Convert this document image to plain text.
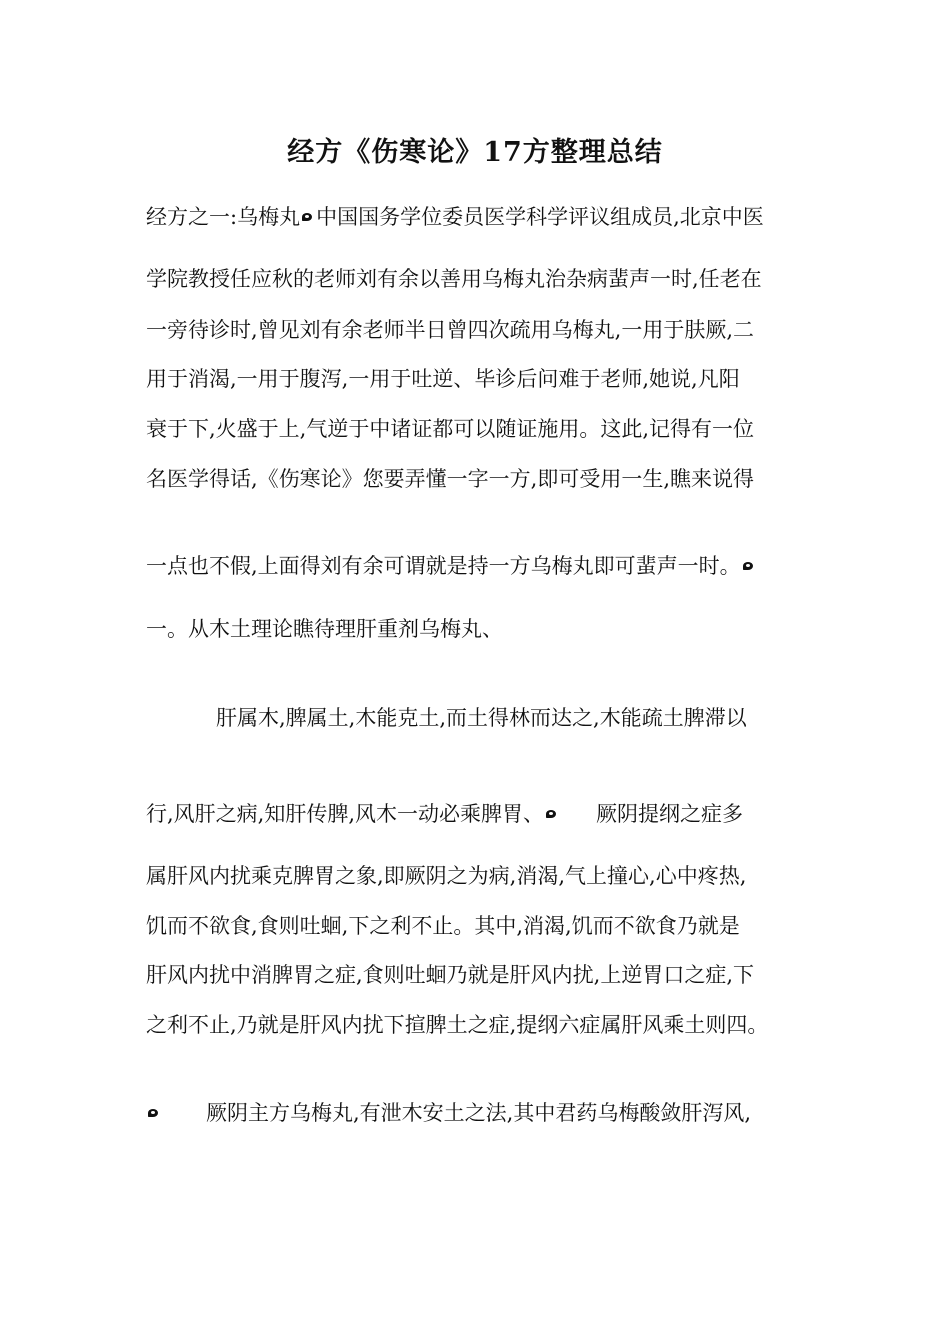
经方《伤寒论》17方整理总结
经方之一:乌梅丸 中国国务学位委员医学科学评议组成员,北京中医
学院教授任应秋的老师刘有余以善用乌梅丸治杂病蜚声一时,任老在
一旁待诊时,曾见刘有余老师半日曾四次疏用乌梅丸,一用于肤厥,二
用于消渴,一用于腹泻,一用于吐逆、毕诊后问难于老师,她说,凡阳
衰于下,火盛于上,气逆于中诸证都可以随证施用。这此,记得有一位
名医学得话,《伤寒论》您要弄懂一字一方,即可受用一生,瞧来说得
一点也不假,上面得刘有余可谓就是持一方乌梅丸即可蜚声一时。
一。从木土理论瞧待理肝重剂乌梅丸、
肝属木,脾属土,木能克土,而土得林而达之,木能疏土脾滞以
行,风肝之病,知肝传脾,风木一动必乘脾胃、 厥阴提纲之症多
属肝风内扰乘克脾胃之象,即厥阴之为病,消渴,气上撞心,心中疼热,
饥而不欲食,食则吐蛔,下之利不止。其中,消渴,饥而不欲食乃就是
肝风内扰中消脾胃之症,食则吐蛔乃就是肝风内扰,上逆胃口之症,下
之利不止,乃就是肝风内扰下揎脾土之症,提纲六症属肝风乘土则四。
厥阴主方乌梅丸,有泄木安土之法,其中君药乌梅酸敛肝泻风,
